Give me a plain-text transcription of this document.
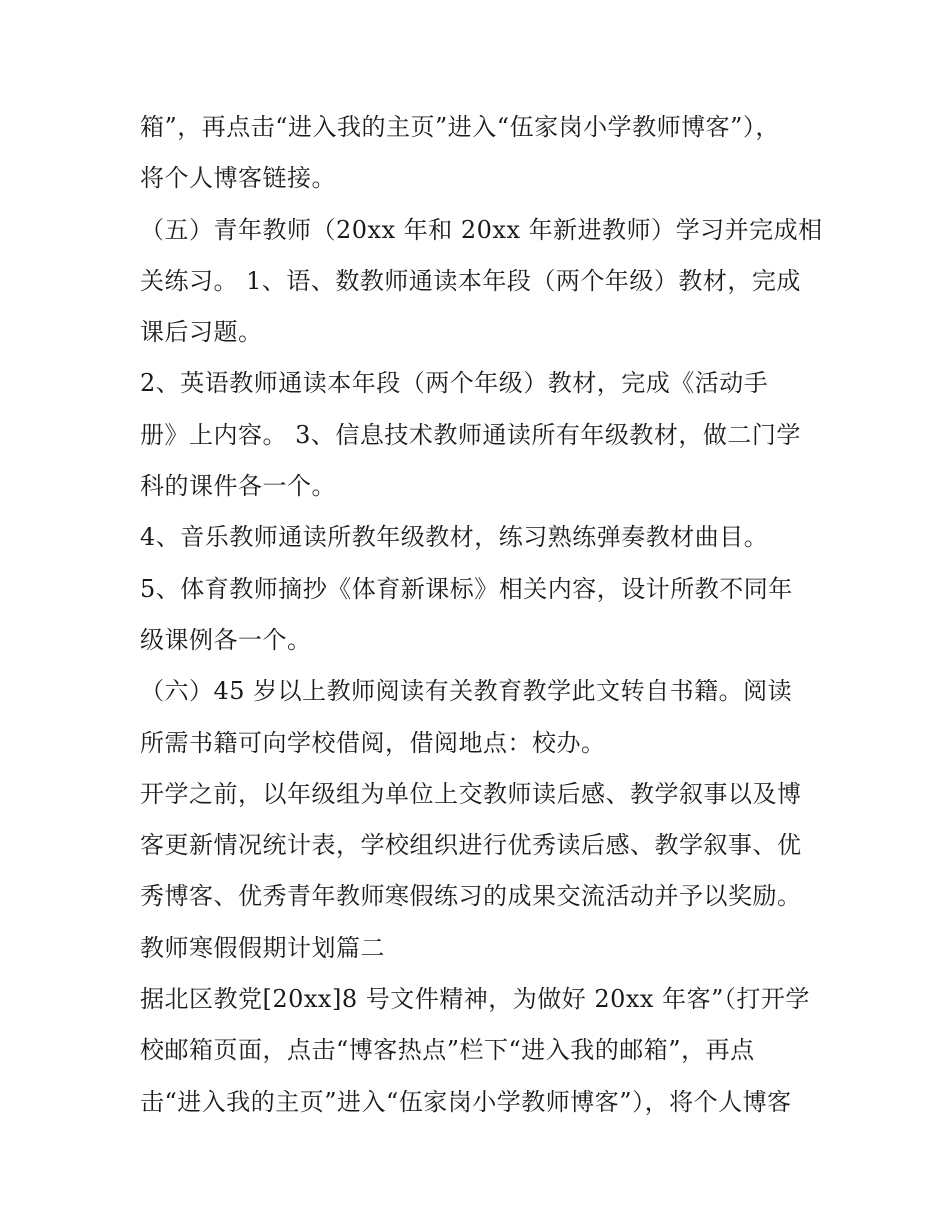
箱”，再点击“进入我的主页”进入“伍家岗小学教师博客”），
将个人博客链接。
（五）青年教师（20xx 年和 20xx 年新进教师）学习并完成相
关练习。 1、语、数教师通读本年段（两个年级）教材，完成
课后习题。
2、英语教师通读本年段（两个年级）教材，完成《活动手
册》上内容。 3、信息技术教师通读所有年级教材，做二门学
科的课件各一个。
4、音乐教师通读所教年级教材，练习熟练弹奏教材曲目。
5、体育教师摘抄《体育新课标》相关内容，设计所教不同年
级课例各一个。
（六）45 岁以上教师阅读有关教育教学此文转自书籍。阅读
所需书籍可向学校借阅，借阅地点：校办。
开学之前，以年级组为单位上交教师读后感、教学叙事以及博
客更新情况统计表，学校组织进行优秀读后感、教学叙事、优
秀博客、优秀青年教师寒假练习的成果交流活动并予以奖励。
教师寒假假期计划篇二
据北区教党[20xx]8 号文件精神，为做好 20xx 年客”（打开学
校邮箱页面，点击“博客热点”栏下“进入我的邮箱”，再点
击“进入我的主页”进入“伍家岗小学教师博客”），将个人博客
